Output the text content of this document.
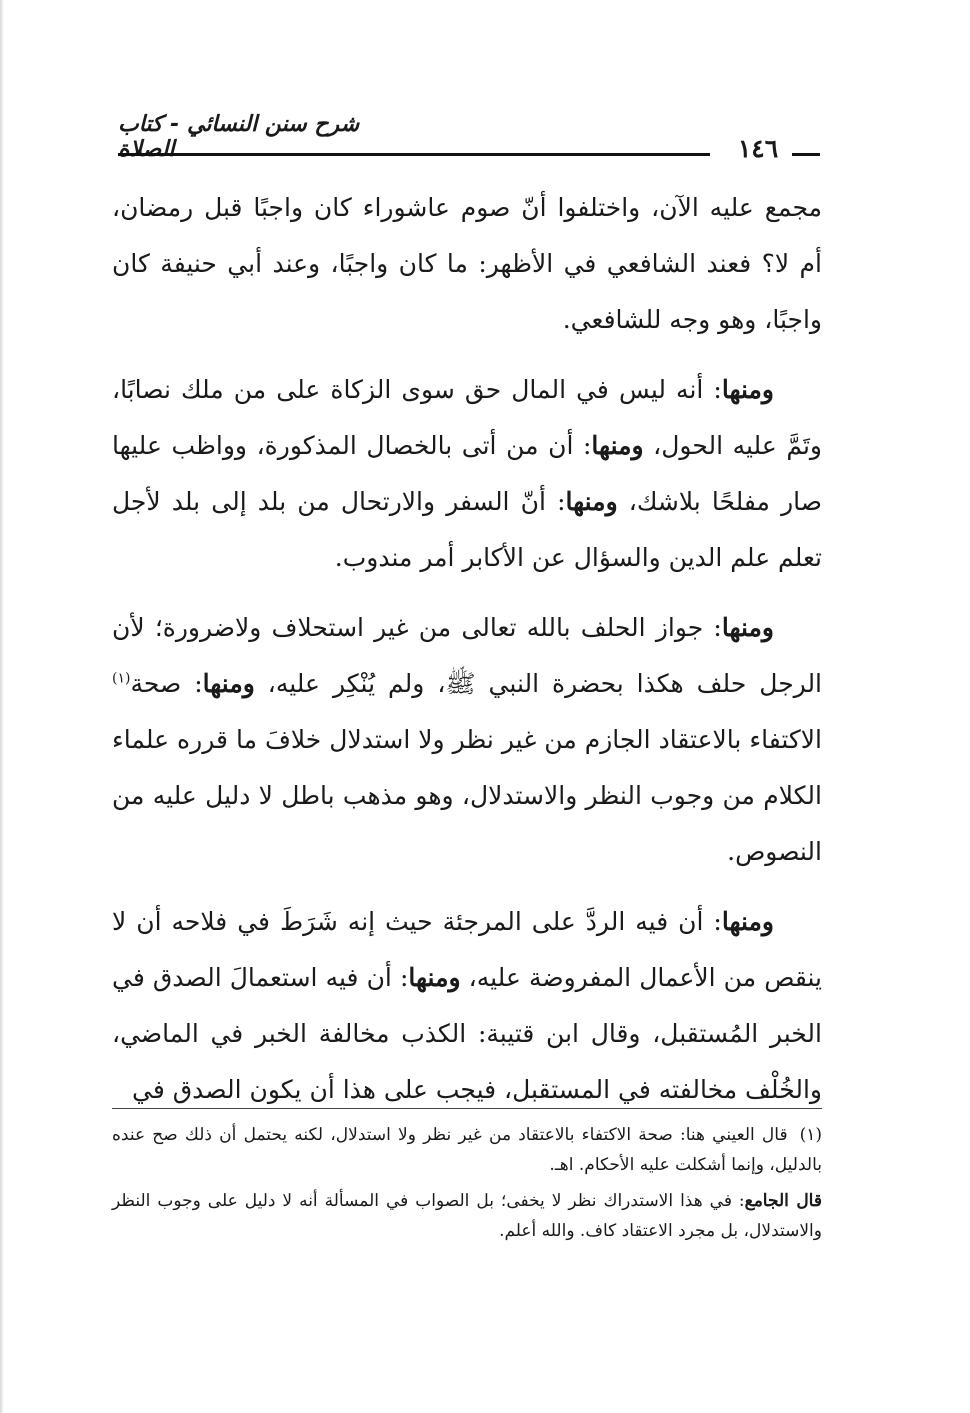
شرح سنن النسائي - كتاب الصلاة	١٤٦

مجمع عليه الآن، واختلفوا أنّ صوم عاشوراء كان واجبًا قبل رمضان، أم لا؟ فعند الشافعي في الأظهر: ما كان واجبًا، وعند أبي حنيفة كان واجبًا، وهو وجه للشافعي.

ومنها: أنه ليس في المال حق سوى الزكاة على من ملك نصابًا، وتَمَّ عليه الحول، ومنها: أن من أتى بالخصال المذكورة، وواظب عليها صار مفلحًا بلاشك، ومنها: أنّ السفر والارتحال من بلد إلى بلد لأجل تعلم علم الدين والسؤال عن الأكابر أمر مندوب.

ومنها: جواز الحلف بالله تعالى من غير استحلاف ولاضرورة؛ لأن الرجل حلف هكذا بحضرة النبي ﷺ، ولم يُنْكِر عليه، ومنها: صحة$^{(١)}$ الاكتفاء بالاعتقاد الجازم من غير نظر ولا استدلال خلافَ ما قرره علماء الكلام من وجوب النظر والاستدلال، وهو مذهب باطل لا دليل عليه من النصوص.

ومنها: أن فيه الردَّ على المرجئة حيث إنه شَرَطَ في فلاحه أن لا ينقص من الأعمال المفروضة عليه، ومنها: أن فيه استعمالَ الصدق في الخبر المُستقبل، وقال ابن قتيبة: الكذب مخالفة الخبر في الماضي، والخُلْف مخالفته في المستقبل، فيجب على هذا أن يكون الصدق في

(١)قال العيني هنا: صحة الاكتفاء بالاعتقاد من غير نظر ولا استدلال، لكنه يحتمل أن ذلك صح عنده بالدليل، وإنما أشكلت عليه الأحكام. اهـ.

قال الجامع: في هذا الاستدراك نظر لا يخفى؛ بل الصواب في المسألة أنه لا دليل على وجوب النظر والاستدلال، بل مجرد الاعتقاد كاف. والله أعلم.
